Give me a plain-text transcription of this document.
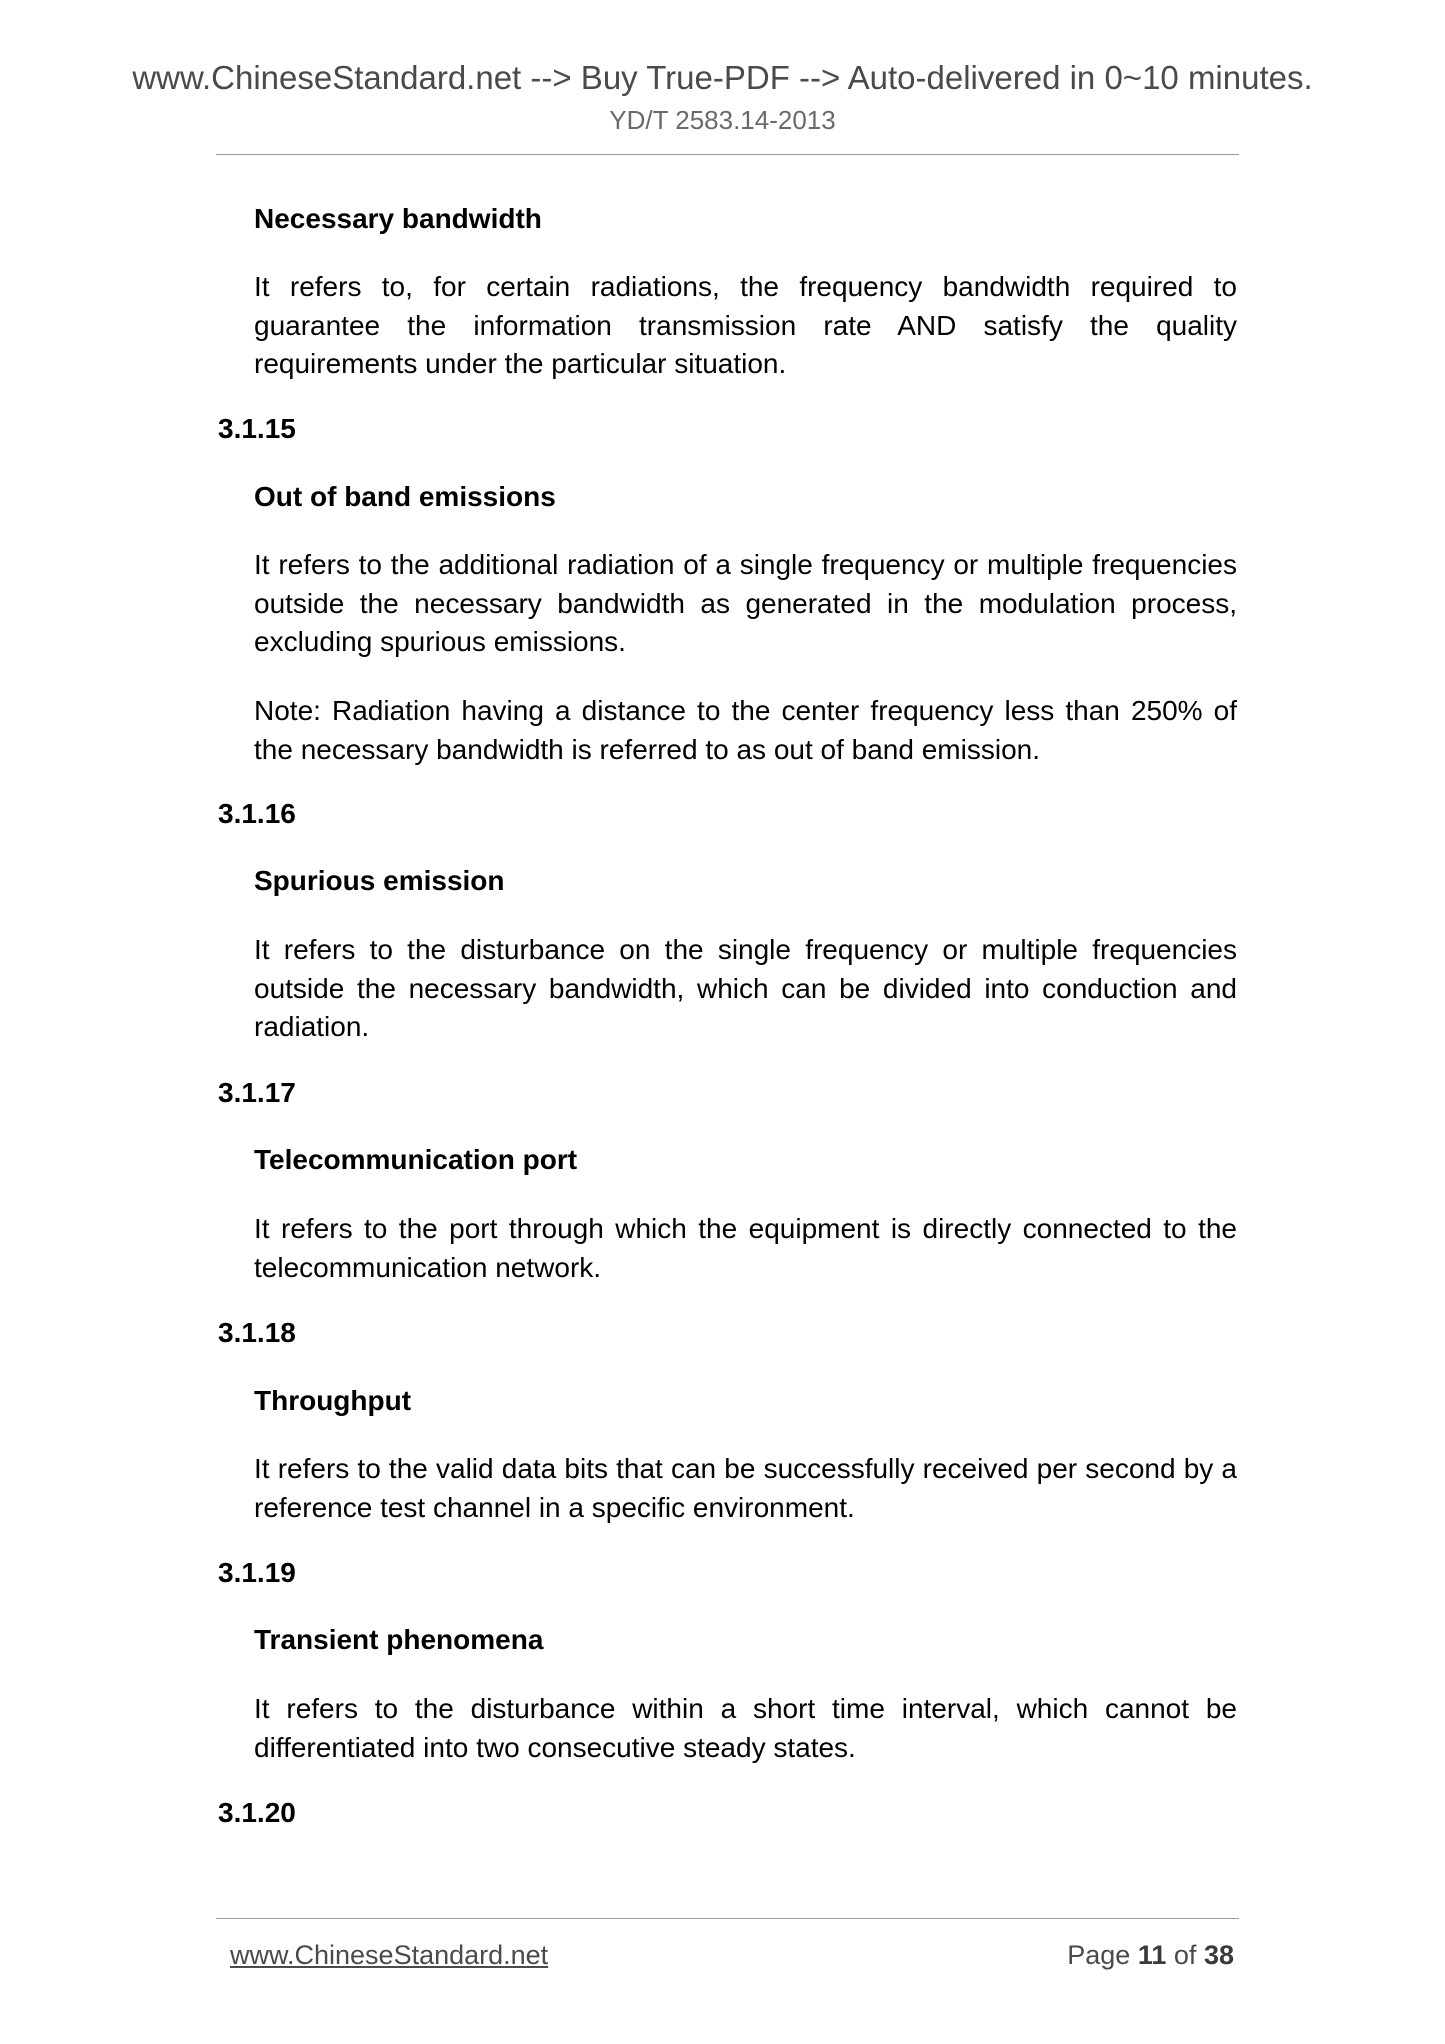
www.ChineseStandard.net --> Buy True-PDF --> Auto-delivered in 0~10 minutes.
YD/T 2583.14-2013
Necessary bandwidth
It refers to, for certain radiations, the frequency bandwidth required to guarantee the information transmission rate AND satisfy the quality requirements under the particular situation.
3.1.15
Out of band emissions
It refers to the additional radiation of a single frequency or multiple frequencies outside the necessary bandwidth as generated in the modulation process, excluding spurious emissions.
Note: Radiation having a distance to the center frequency less than 250% of the necessary bandwidth is referred to as out of band emission.
3.1.16
Spurious emission
It refers to the disturbance on the single frequency or multiple frequencies outside the necessary bandwidth, which can be divided into conduction and radiation.
3.1.17
Telecommunication port
It refers to the port through which the equipment is directly connected to the telecommunication network.
3.1.18
Throughput
It refers to the valid data bits that can be successfully received per second by a reference test channel in a specific environment.
3.1.19
Transient phenomena
It refers to the disturbance within a short time interval, which cannot be differentiated into two consecutive steady states.
3.1.20
www.ChineseStandard.net	Page 11 of 38
